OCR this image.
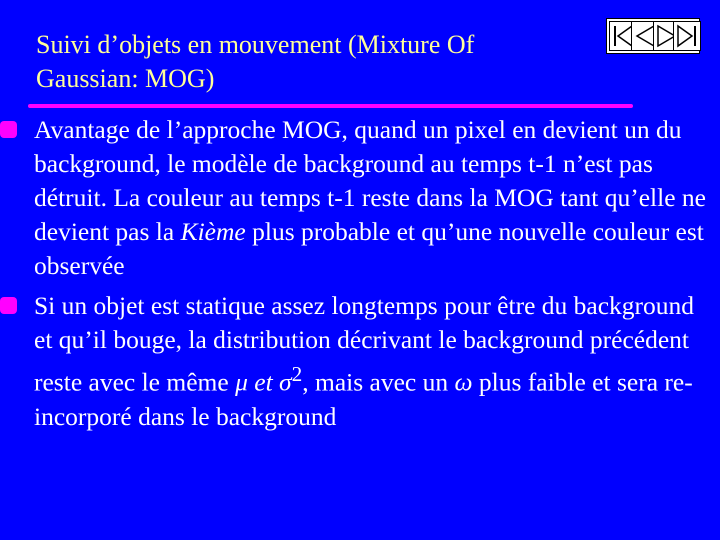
Suivi d’objets en mouvement (Mixture Of
Gaussian: MOG)

Avantage de l’approche MOG, quand un pixel en devient un du background, le modèle de background au temps t-1 n’est pas détruit. La couleur au temps t-1 reste dans la MOG tant qu’elle ne devient pas la Kième plus probable et qu’une nouvelle couleur est observée

Si un objet est statique assez longtemps pour être du background et qu’il bouge, la distribution décrivant le background précédent reste avec le même μ et $\sigma^2$, mais avec un ω plus faible et sera re-incorporé dans le background
